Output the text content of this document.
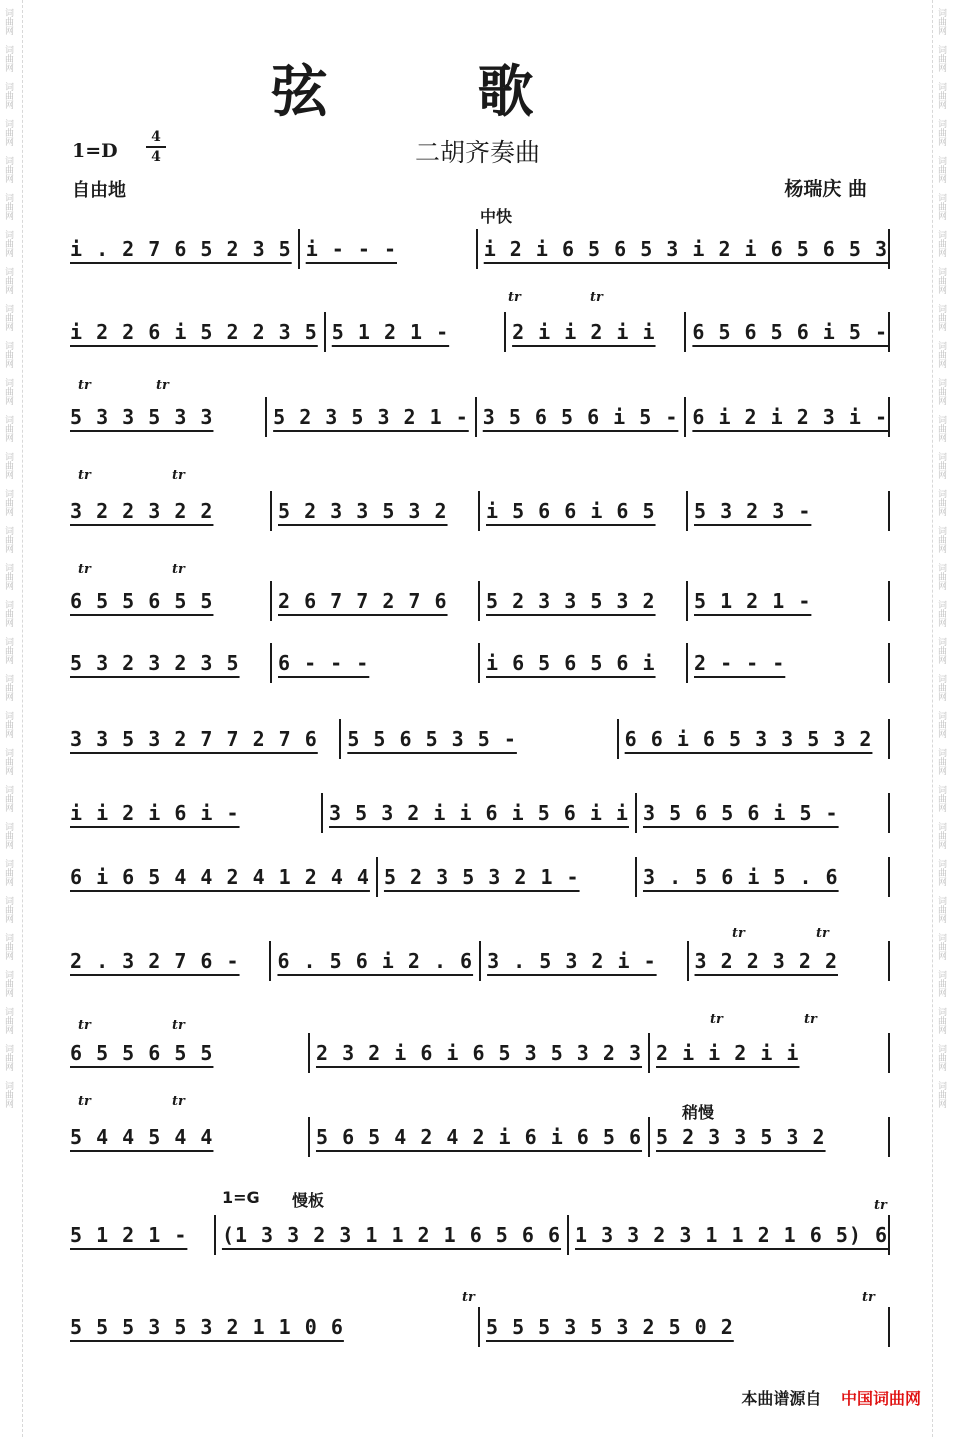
词曲网
词曲网
词曲网
词曲网
词曲网
词曲网
词曲网
词曲网
词曲网
词曲网
词曲网
词曲网
词曲网
词曲网
词曲网
词曲网
词曲网
词曲网
词曲网
词曲网
词曲网
词曲网
词曲网
词曲网
词曲网
词曲网
词曲网
词曲网
词曲网
词曲网
词曲网
词曲网
词曲网
词曲网
词曲网
词曲网
词曲网
词曲网
词曲网
词曲网
词曲网
词曲网
词曲网
词曲网
词曲网
词曲网
词曲网
词曲网
词曲网
词曲网
词曲网
词曲网
词曲网
词曲网
词曲网
词曲网
词曲网
词曲网
词曲网
词曲网
弦歌
二胡齐奏曲
1=D
4
4
自由地	杨瑞庆 曲
中快
稍慢
1=G 慢板
tr	tr
tr	tr
tr	tr
tr	tr
tr	tr
tr	tr	tr	tr
tr	tr
tr
tr	tr
i . 2 7 6 5 2 3 5 i - - -	i 2 i 6 5 6 5 3 i 2 i 6 5 6 5 3
i 2 2 6 i 5 2 2 3 5 5 1 2 1 -	2 i i 2 i i	6 5 6 5 6 i 5 -
5 3 3 5 3 3	5 2 3 5 3 2 1 - 3 5 6 5 6 i 5 - 6 i 2 i 2 3 i -
3 2 2 3 2 2	5 2 3 3 5 3 2	i 5 6 6 i 6 5	5 3 2 3 -
6 5 5 6 5 5	2 6 7 7 2 7 6	5 2 3 3 5 3 2	5 1 2 1 -
5 3 2 3 2 3 5	6 - - -	i 6 5 6 5 6 i	2 - - -
3 3 5 3 2 7 7 2 7 6	5 5 6 5 3 5 -	6 6 i 6 5 3 3 5 3 2
i i 2 i 6 i -	3 5 3 2 i i 6 i 5 6 i i 3 5 6 5 6 i 5 -
6 i 6 5 4 4 2 4 1 2 4 4 5 2 3 5 3 2 1 -	3 . 5 6 i 5 . 6
2 . 3 2 7 6 -	6 . 5 6 i 2 . 6 3 . 5 3 2 i -	3 2 2 3 2 2
6 5 5 6 5 5	2 3 2 i 6 i 6 5 3 5 3 2 3 2 i i 2 i i
5 4 4 5 4 4	5 6 5 4 2 4 2 i 6 i 6 5 6 5 2 3 3 5 3 2
5 1 2 1 -	(1 3 3 2 3 1 1 2 1 6 5 6 6 1 3 3 2 3 1 1 2 1 6 5) 6
5 5 5 3 5 3 2 1 1 0 6	5 5 5 3 5 3 2 5 0 2
本曲谱源自 中国词曲网
